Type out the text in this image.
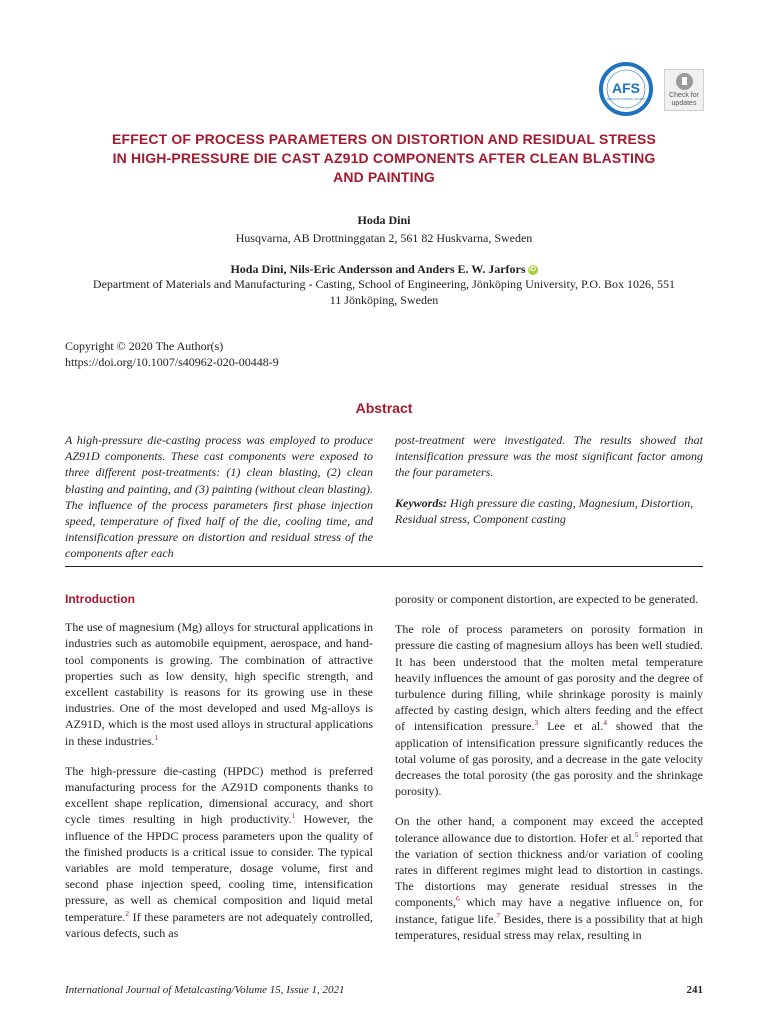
AFS
AMERICAN FOUNDRY SOCIETY
Check for
updates
EFFECT OF PROCESS PARAMETERS ON DISTORTION AND RESIDUAL STRESS
IN HIGH-PRESSURE DIE CAST AZ91D COMPONENTS AFTER CLEAN BLASTING
AND PAINTING
Hoda Dini
Husqvarna, AB Drottninggatan 2, 561 82 Huskvarna, Sweden
Hoda Dini, Nils-Eric Andersson and Anders E. W. Jarfors iD
Department of Materials and Manufacturing - Casting, School of Engineering, Jönköping University, P.O. Box 1026, 551
11 Jönköping, Sweden
Copyright © 2020 The Author(s)
https://doi.org/10.1007/s40962-020-00448-9
Abstract

A high-pressure die-casting process was employed to produce AZ91D components. These cast components were exposed to three different post-treatments: (1) clean blasting, (2) clean blasting and painting, and (3) painting (without clean blasting). The influence of the process parameters first phase injection speed, temperature of fixed half of the die, cooling time, and intensification pressure on distortion and residual stress of the components after each

post-treatment were investigated. The results showed that intensification pressure was the most significant factor among the four parameters.

Keywords: High pressure die casting, Magnesium, Distortion, Residual stress, Component casting

Introduction

The use of magnesium (Mg) alloys for structural applications in industries such as automobile equipment, aerospace, and hand-tool components is growing. The combination of attractive properties such as low density, high specific strength, and excellent castability is reasons for its growing use in these industries. One of the most developed and used Mg-alloys is AZ91D, which is the most used alloys in structural applications in these industries.$^1$

The high-pressure die-casting (HPDC) method is preferred manufacturing process for the AZ91D components thanks to excellent shape replication, dimensional accuracy, and short cycle times resulting in high productivity.$^1$ However, the influence of the HPDC process parameters upon the quality of the finished products is a critical issue to consider. The typical variables are mold temperature, dosage volume, first and second phase injection speed, cooling time, intensification pressure, as well as chemical composition and liquid metal temperature.$^2$ If these parameters are not adequately controlled, various defects, such as

porosity or component distortion, are expected to be generated.

The role of process parameters on porosity formation in pressure die casting of magnesium alloys has been well studied. It has been understood that the molten metal temperature heavily influences the amount of gas porosity and the degree of turbulence during filling, while shrinkage porosity is mainly affected by casting design, which alters feeding and the effect of intensification pressure.$^3$ Lee et al.$^4$ showed that the application of intensification pressure significantly reduces the total volume of gas porosity, and a decrease in the gate velocity decreases the total porosity (the gas porosity and the shrinkage porosity).

On the other hand, a component may exceed the accepted tolerance allowance due to distortion. Hofer et al.$^5$ reported that the variation of section thickness and/or variation of cooling rates in different regimes might lead to distortion in castings. The distortions may generate residual stresses in the components,$^6$ which may have a negative influence on, for instance, fatigue life.$^7$ Besides, there is a possibility that at high temperatures, residual stress may relax, resulting in

International Journal of Metalcasting/Volume 15, Issue 1, 2021	241
